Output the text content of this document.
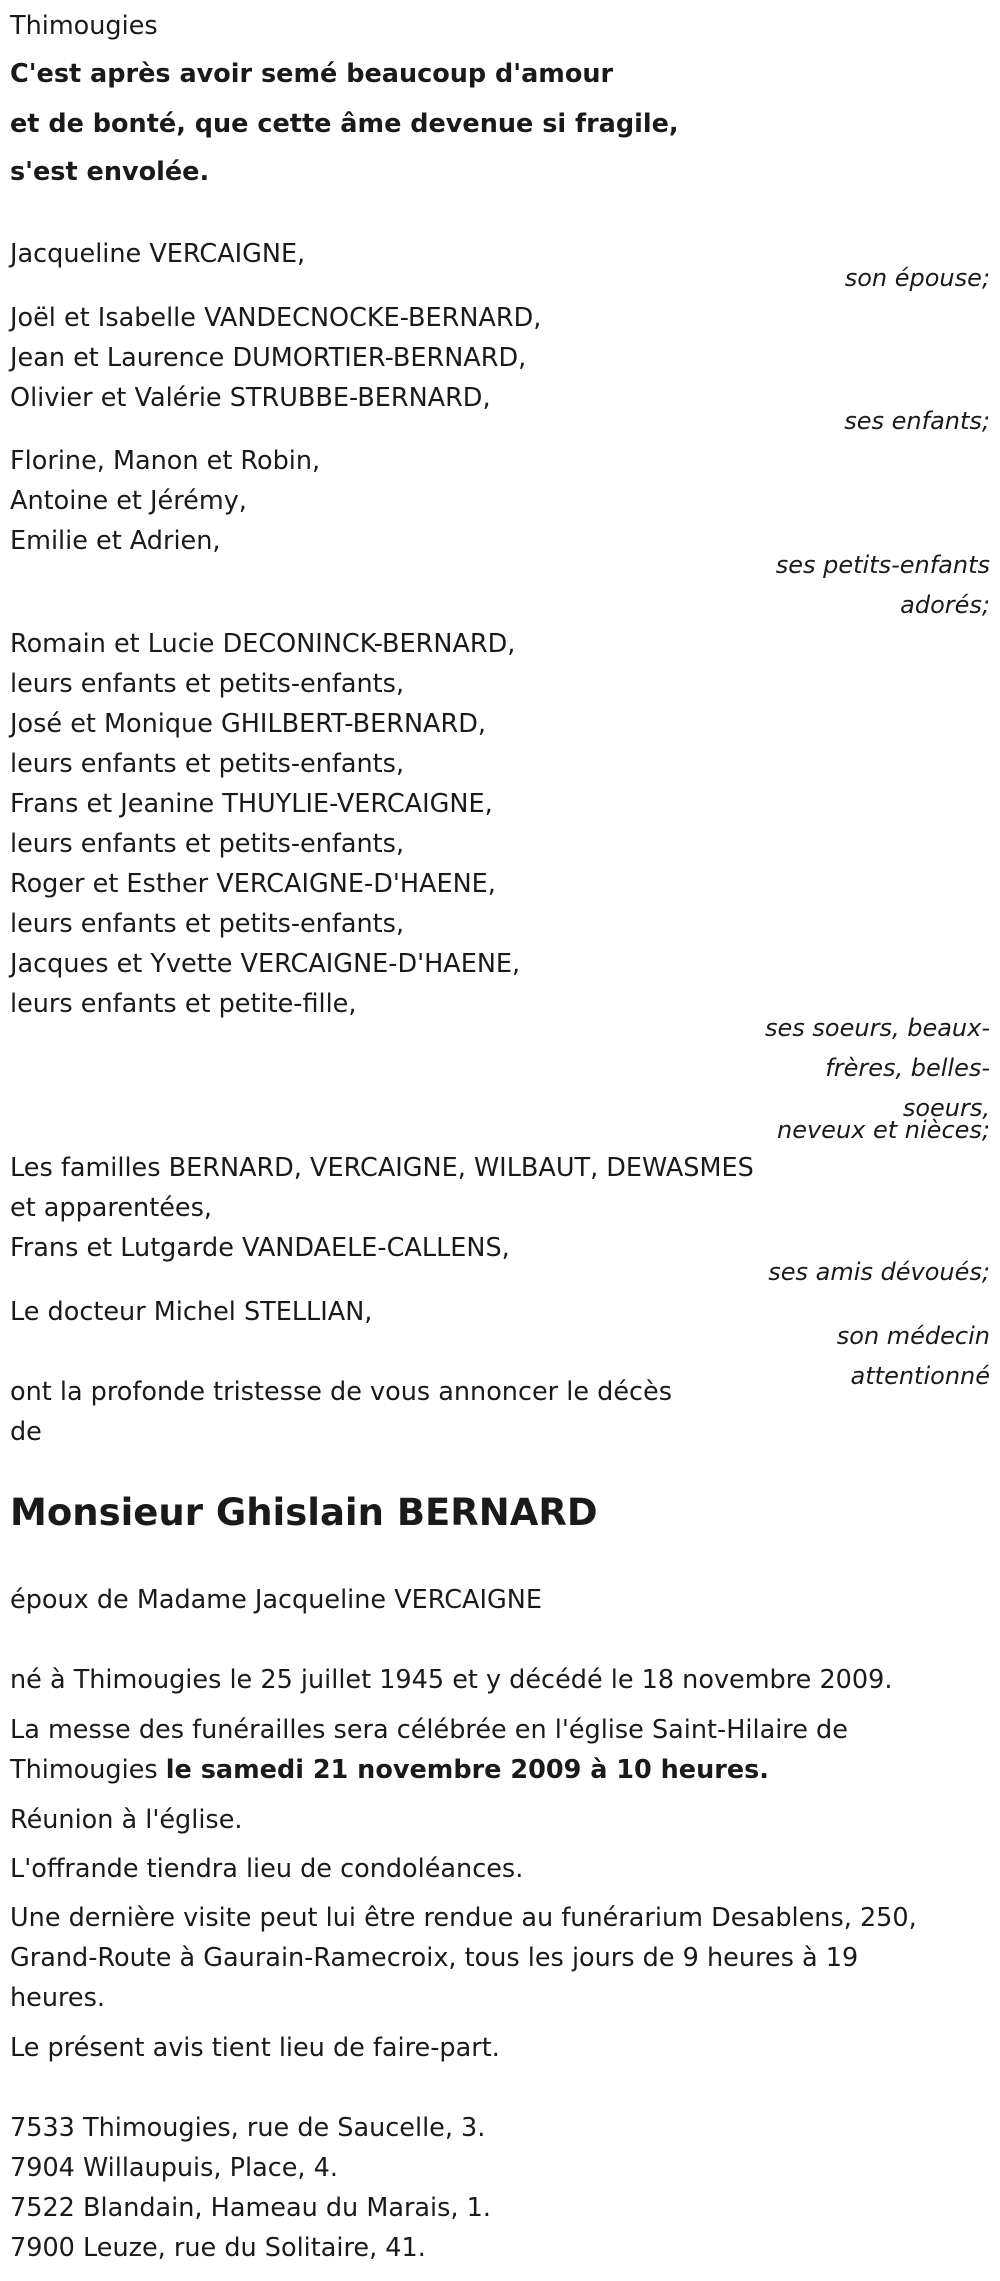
Thimougies
C'est après avoir semé beaucoup d'amour
et de bonté, que cette âme devenue si fragile,
s'est envolée.
Jacqueline VERCAIGNE,
son épouse;
Joël et Isabelle VANDECNOCKE-BERNARD,
Jean et Laurence DUMORTIER-BERNARD,
Olivier et Valérie STRUBBE-BERNARD,
ses enfants;
Florine, Manon et Robin,
Antoine et Jérémy,
Emilie et Adrien,
ses petits-enfants
adorés;
Romain et Lucie DECONINCK-BERNARD,
leurs enfants et petits-enfants,
José et Monique GHILBERT-BERNARD,
leurs enfants et petits-enfants,
Frans et Jeanine THUYLIE-VERCAIGNE,
leurs enfants et petits-enfants,
Roger et Esther VERCAIGNE-D'HAENE,
leurs enfants et petits-enfants,
Jacques et Yvette VERCAIGNE-D'HAENE,
leurs enfants et petite-fille,
ses soeurs, beaux-
frères, belles-
soeurs,
neveux et nièces;
Les familles BERNARD, VERCAIGNE, WILBAUT, DEWASMES
et apparentées,
Frans et Lutgarde VANDAELE-CALLENS,
ses amis dévoués;
Le docteur Michel STELLIAN,
son médecin
attentionné
ont la profonde tristesse de vous annoncer le décès
de
Monsieur Ghislain BERNARD
époux de Madame Jacqueline VERCAIGNE
né à Thimougies le 25 juillet 1945 et y décédé le 18 novembre 2009.
La messe des funérailles sera célébrée en l'église Saint-Hilaire de
Thimougies le samedi 21 novembre 2009 à 10 heures.
Réunion à l'église.
L'offrande tiendra lieu de condoléances.
Une dernière visite peut lui être rendue au funérarium Desablens, 250,
Grand-Route à Gaurain-Ramecroix, tous les jours de 9 heures à 19
heures.
Le présent avis tient lieu de faire-part.
7533 Thimougies, rue de Saucelle, 3.
7904 Willaupuis, Place, 4.
7522 Blandain, Hameau du Marais, 1.
7900 Leuze, rue du Solitaire, 41.
